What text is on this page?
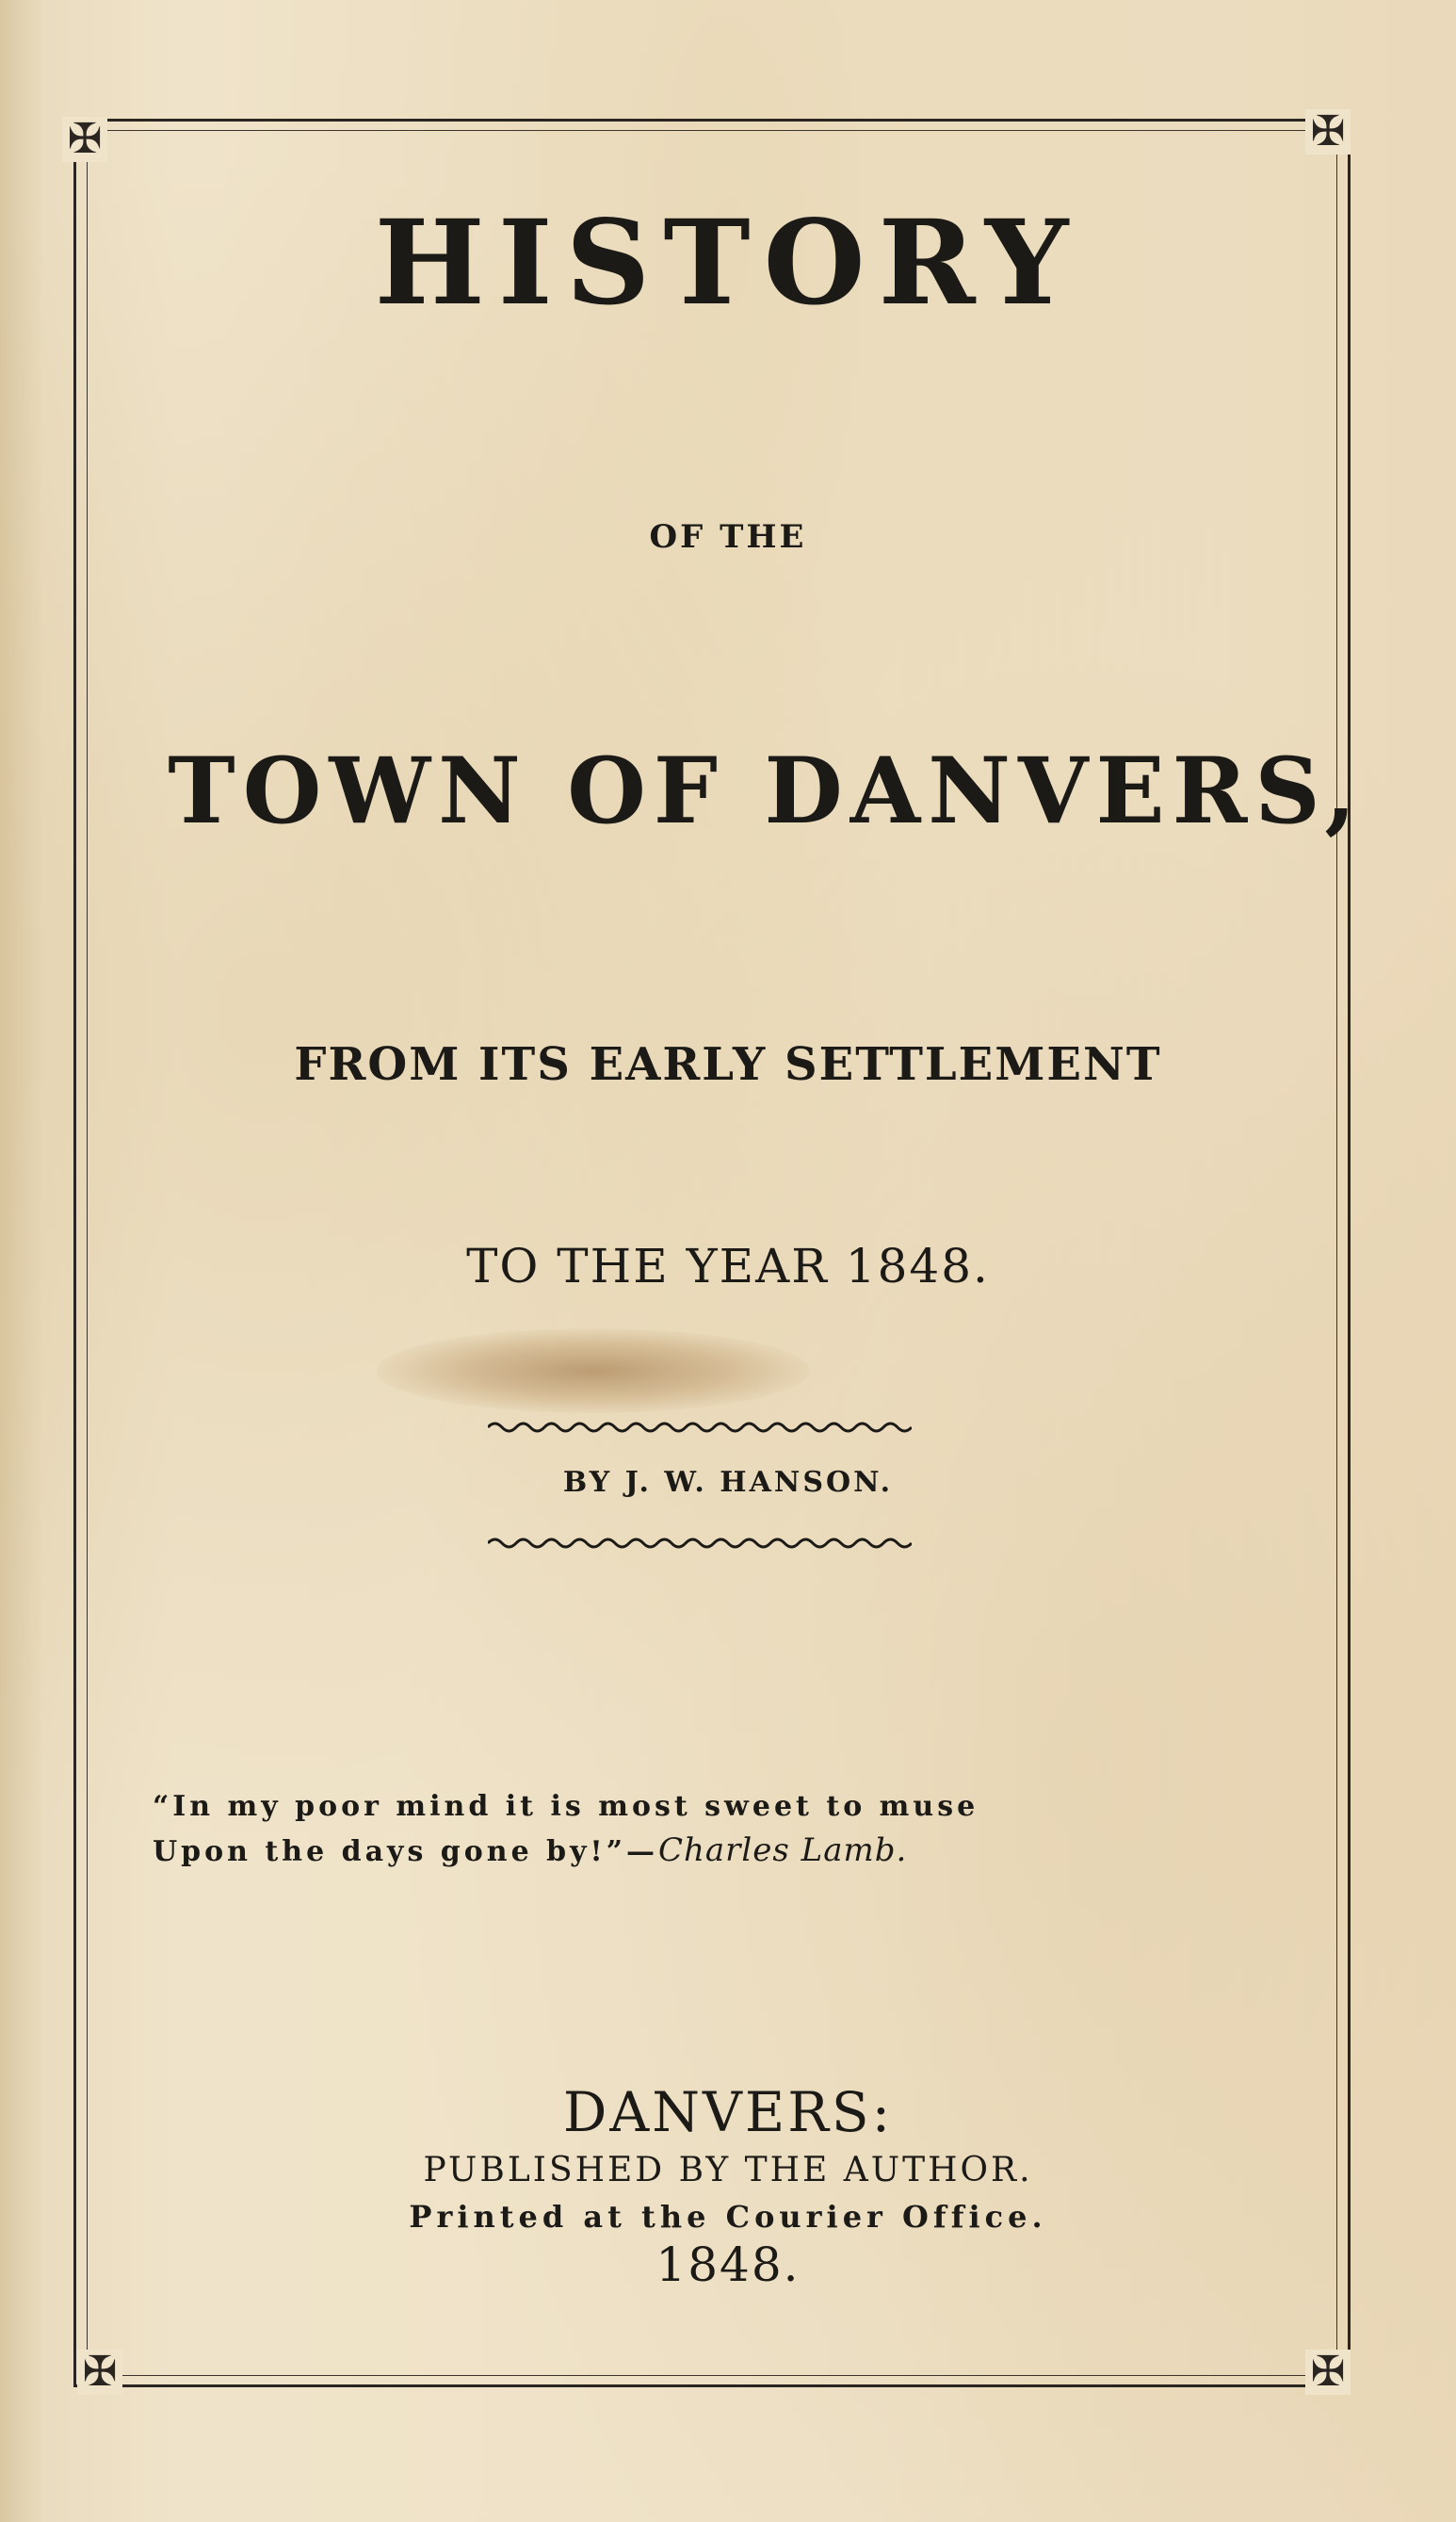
✠	✠
✠	✠
HISTORY
OF THE
TOWN OF DANVERS,
FROM ITS EARLY SETTLEMENT
TO THE YEAR 1848.
BY J. W. HANSON.
“In my poor mind it is most sweet to muse
Upon the days gone by!”—Charles Lamb.
DANVERS:
PUBLISHED BY THE AUTHOR.
Printed at the Courier Office.
1848.
